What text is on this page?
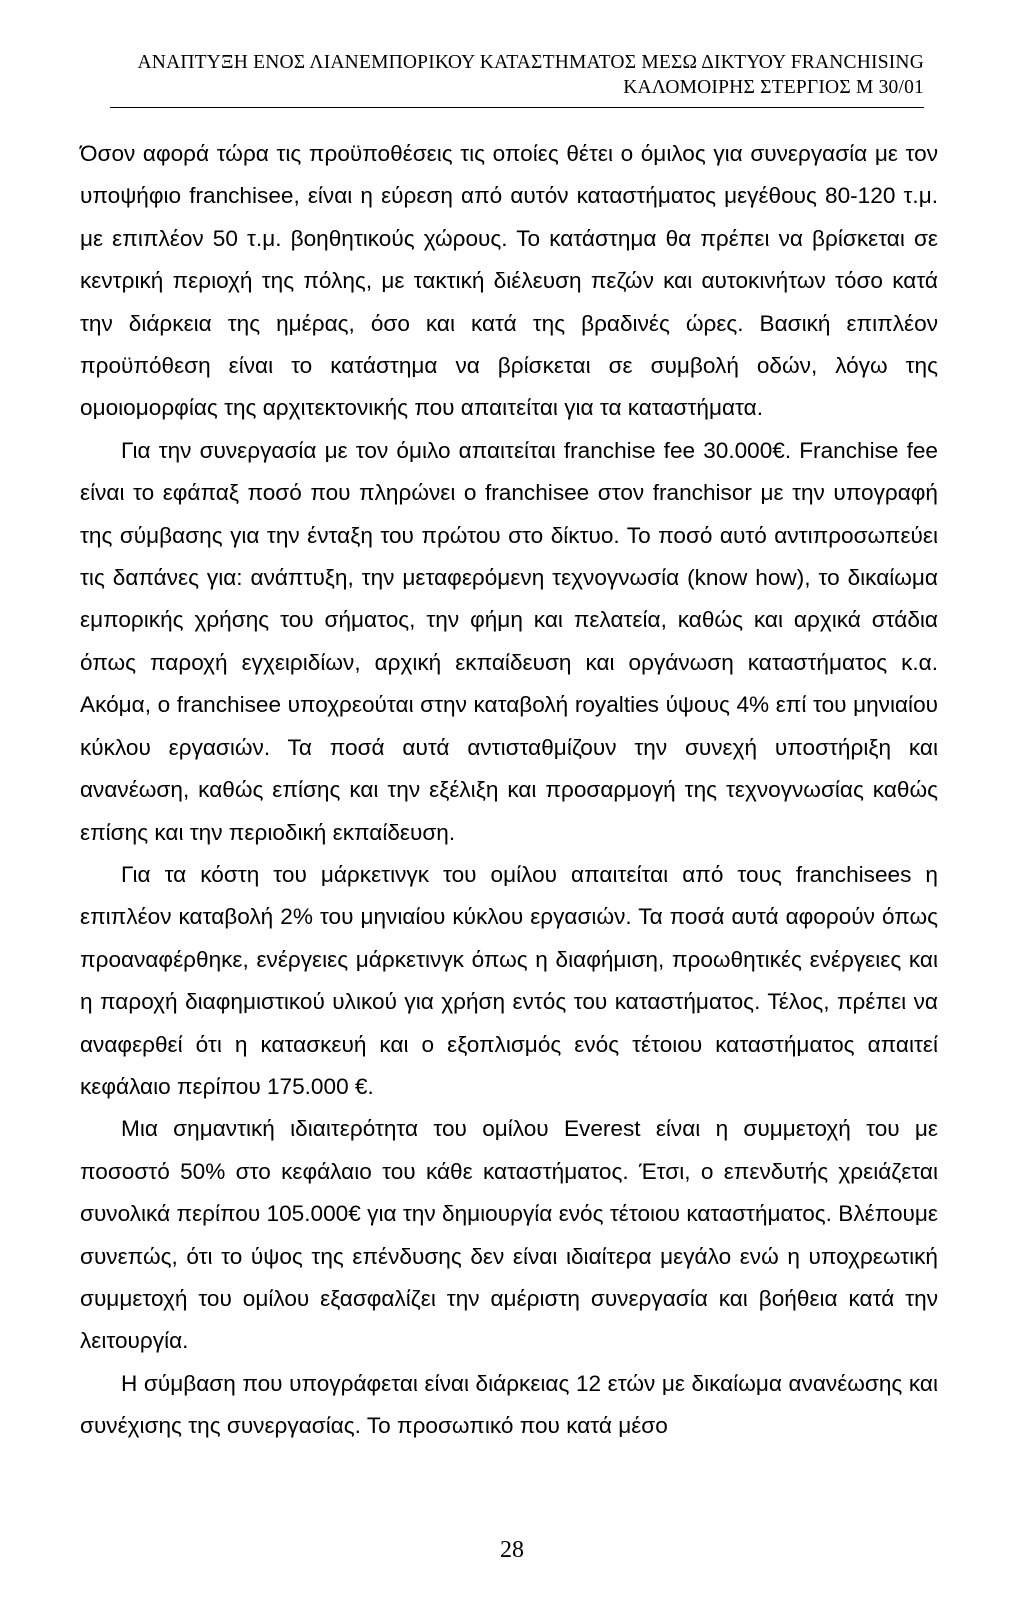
ΑΝΑΠΤΥΞΗ ΕΝΟΣ ΛΙΑΝΕΜΠΟΡΙΚΟΥ ΚΑΤΑΣΤΗΜΑΤΟΣ ΜΕΣΩ ΔΙΚΤΥΟΥ FRANCHISING
ΚΑΛΟΜΟΙΡΗΣ ΣΤΕΡΓΙΟΣ Μ 30/01

Όσον αφορά τώρα τις προϋποθέσεις τις οποίες θέτει ο όμιλος για συνεργασία με τον υποψήφιο franchisee, είναι η εύρεση από αυτόν καταστήματος μεγέθους 80-120 τ.μ. με επιπλέον 50 τ.μ. βοηθητικούς χώρους. Το κατάστημα θα πρέπει να βρίσκεται σε κεντρική περιοχή της πόλης, με τακτική διέλευση πεζών και αυτοκινήτων τόσο κατά την διάρκεια της ημέρας, όσο και κατά της βραδινές ώρες. Βασική επιπλέον προϋπόθεση είναι το κατάστημα να βρίσκεται σε συμβολή οδών, λόγω της ομοιομορφίας της αρχιτεκτονικής που απαιτείται για τα καταστήματα.

Για την συνεργασία με τον όμιλο απαιτείται franchise fee 30.000€. Franchise fee είναι το εφάπαξ ποσό που πληρώνει ο franchisee στον franchisor με την υπογραφή της σύμβασης για την ένταξη του πρώτου στο δίκτυο. Το ποσό αυτό αντιπροσωπεύει τις δαπάνες για: ανάπτυξη, την μεταφερόμενη τεχνογνωσία (know how), το δικαίωμα εμπορικής χρήσης του σήματος, την φήμη και πελατεία, καθώς και αρχικά στάδια όπως παροχή εγχειριδίων, αρχική εκπαίδευση και οργάνωση καταστήματος κ.α. Ακόμα, ο franchisee υποχρεούται στην καταβολή royalties ύψους 4% επί του μηνιαίου κύκλου εργασιών. Τα ποσά αυτά αντισταθμίζουν την συνεχή υποστήριξη και ανανέωση, καθώς επίσης και την εξέλιξη και προσαρμογή της τεχνογνωσίας καθώς επίσης και την περιοδική εκπαίδευση.

Για τα κόστη του μάρκετινγκ του ομίλου απαιτείται από τους franchisees η επιπλέον καταβολή 2% του μηνιαίου κύκλου εργασιών. Τα ποσά αυτά αφορούν όπως προαναφέρθηκε, ενέργειες μάρκετινγκ όπως η διαφήμιση, προωθητικές ενέργειες και η παροχή διαφημιστικού υλικού για χρήση εντός του καταστήματος. Τέλος, πρέπει να αναφερθεί ότι η κατασκευή και ο εξοπλισμός ενός τέτοιου καταστήματος απαιτεί κεφάλαιο περίπου 175.000 €.

Μια σημαντική ιδιαιτερότητα του ομίλου Everest είναι η συμμετοχή του με ποσοστό 50% στο κεφάλαιο του κάθε καταστήματος. Έτσι, ο επενδυτής χρειάζεται συνολικά περίπου 105.000€ για την δημιουργία ενός τέτοιου καταστήματος. Βλέπουμε συνεπώς, ότι το ύψος της επένδυσης δεν είναι ιδιαίτερα μεγάλο ενώ η υποχρεωτική συμμετοχή του ομίλου εξασφαλίζει την αμέριστη συνεργασία και βοήθεια κατά την λειτουργία.

Η σύμβαση που υπογράφεται είναι διάρκειας 12 ετών με δικαίωμα ανανέωσης και συνέχισης της συνεργασίας. Το προσωπικό που κατά μέσο

28
